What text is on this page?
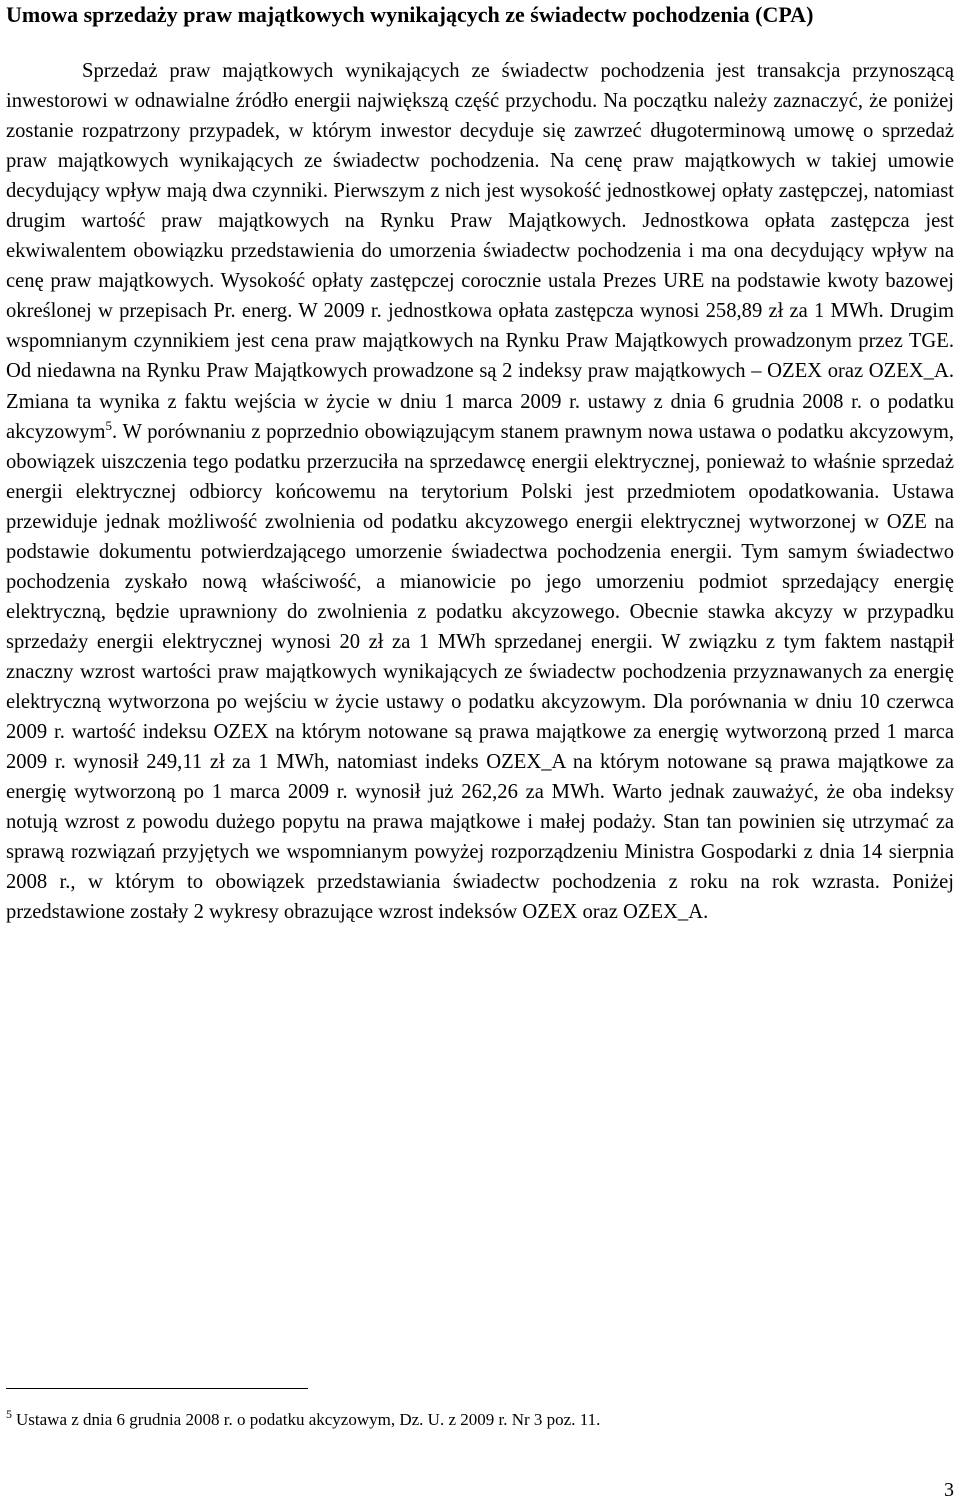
Umowa sprzedaży praw majątkowych wynikających ze świadectw pochodzenia (CPA)

Sprzedaż praw majątkowych wynikających ze świadectw pochodzenia jest transakcja przynoszącą inwestorowi w odnawialne źródło energii największą część przychodu. Na początku należy zaznaczyć, że poniżej zostanie rozpatrzony przypadek, w którym inwestor decyduje się zawrzeć długoterminową umowę o sprzedaż praw majątkowych wynikających ze świadectw pochodzenia. Na cenę praw majątkowych w takiej umowie decydujący wpływ mają dwa czynniki. Pierwszym z nich jest wysokość jednostkowej opłaty zastępczej, natomiast drugim wartość praw majątkowych na Rynku Praw Majątkowych. Jednostkowa opłata zastępcza jest ekwiwalentem obowiązku przedstawienia do umorzenia świadectw pochodzenia i ma ona decydujący wpływ na cenę praw majątkowych. Wysokość opłaty zastępczej corocznie ustala Prezes URE na podstawie kwoty bazowej określonej w przepisach Pr. energ. W 2009 r. jednostkowa opłata zastępcza wynosi 258,89 zł za 1 MWh. Drugim wspomnianym czynnikiem jest cena praw majątkowych na Rynku Praw Majątkowych prowadzonym przez TGE. Od niedawna na Rynku Praw Majątkowych prowadzone są 2 indeksy praw majątkowych – OZEX oraz OZEX_A. Zmiana ta wynika z faktu wejścia w życie w dniu 1 marca 2009 r. ustawy z dnia 6 grudnia 2008 r. o podatku akcyzowym$^5$. W porównaniu z poprzednio obowiązującym stanem prawnym nowa ustawa o podatku akcyzowym, obowiązek uiszczenia tego podatku przerzuciła na sprzedawcę energii elektrycznej, ponieważ to właśnie sprzedaż energii elektrycznej odbiorcy końcowemu na terytorium Polski jest przedmiotem opodatkowania. Ustawa przewiduje jednak możliwość zwolnienia od podatku akcyzowego energii elektrycznej wytworzonej w OZE na podstawie dokumentu potwierdzającego umorzenie świadectwa pochodzenia energii. Tym samym świadectwo pochodzenia zyskało nową właściwość, a mianowicie po jego umorzeniu podmiot sprzedający energię elektryczną, będzie uprawniony do zwolnienia z podatku akcyzowego. Obecnie stawka akcyzy w przypadku sprzedaży energii elektrycznej wynosi 20 zł za 1 MWh sprzedanej energii. W związku z tym faktem nastąpił znaczny wzrost wartości praw majątkowych wynikających ze świadectw pochodzenia przyznawanych za energię elektryczną wytworzona po wejściu w życie ustawy o podatku akcyzowym. Dla porównania w dniu 10 czerwca 2009 r. wartość indeksu OZEX na którym notowane są prawa majątkowe za energię wytworzoną przed 1 marca 2009 r. wynosił 249,11 zł za 1 MWh, natomiast indeks OZEX_A na którym notowane są prawa majątkowe za energię wytworzoną po 1 marca 2009 r. wynosił już 262,26 za MWh. Warto jednak zauważyć, że oba indeksy notują wzrost z powodu dużego popytu na prawa majątkowe i małej podaży. Stan tan powinien się utrzymać za sprawą rozwiązań przyjętych we wspomnianym powyżej rozporządzeniu Ministra Gospodarki z dnia 14 sierpnia 2008 r., w którym to obowiązek przedstawiania świadectw pochodzenia z roku na rok wzrasta. Poniżej przedstawione zostały 2 wykresy obrazujące wzrost indeksów OZEX oraz OZEX_A.

$^5$ Ustawa z dnia 6 grudnia 2008 r. o podatku akcyzowym, Dz. U. z 2009 r. Nr 3 poz. 11.

3
